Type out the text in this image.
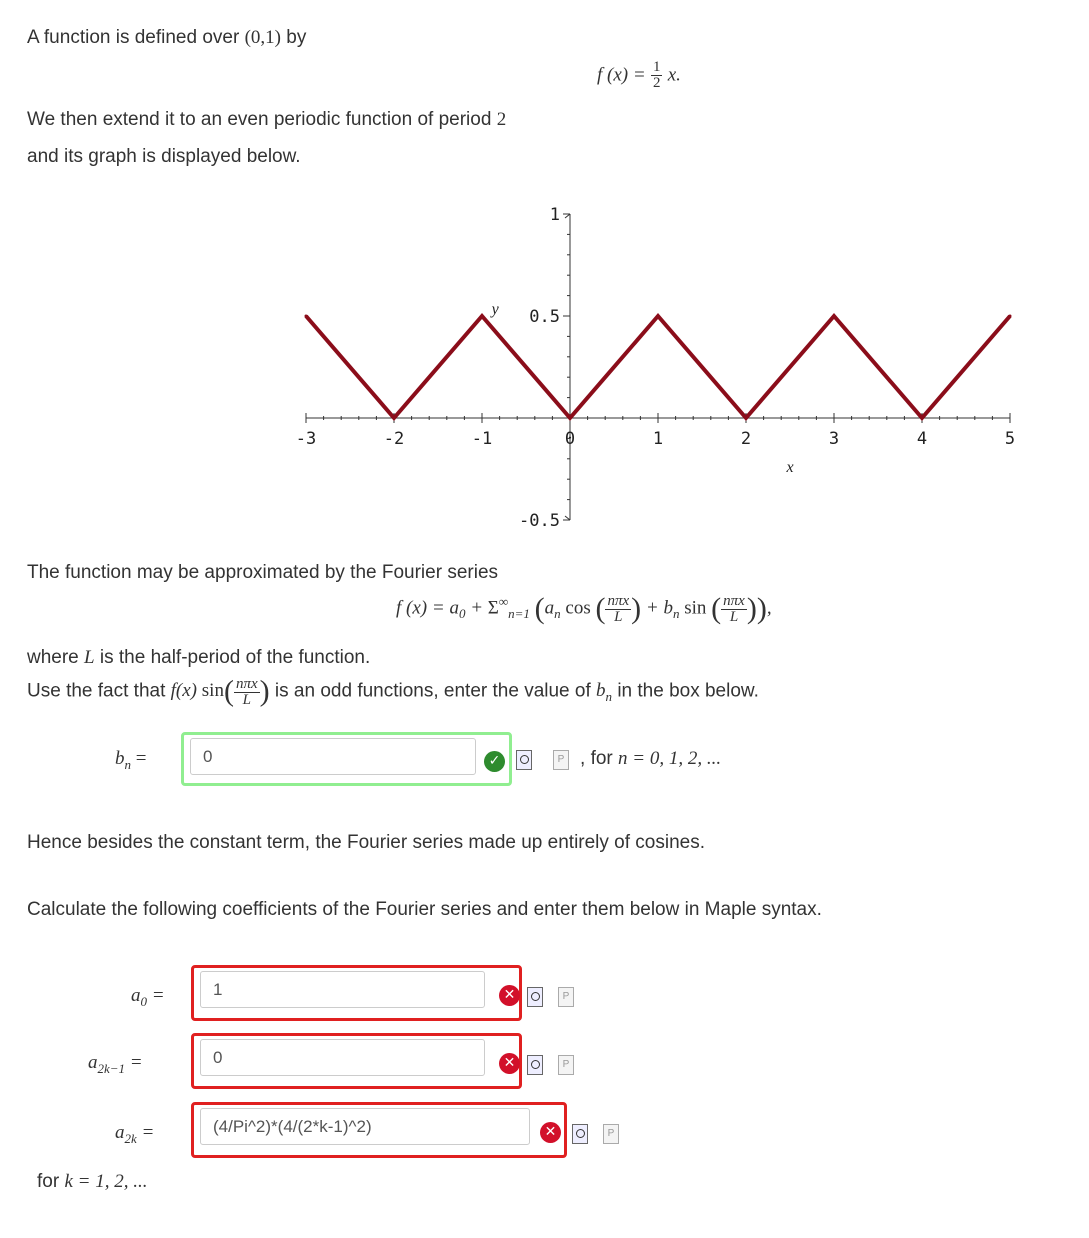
A function is defined over (0,1) by
f $(x) = \frac{1}{2} x$.
We then extend it to an even periodic function of period 2
and its graph is displayed below.
-3	-2	-1	0	1	2	3	4	5
1
0.5
-0.5
x
y
The function may be approximated by the Fourier series
f $(x) = a_0 + \Sigma^\infty_{n=1}$ ($a_n$ cos ( $\frac{\text{nπx}}{L}$ ) + $b_n$ sin ( $\frac{\text{nπx}}{L}$ )),
where L is the half-period of the function.
Use the fact that f(x) $\sin( \frac{\text{nπx}}{L}$ ) is an odd functions, enter the value of $b_n$ in the box below.
$b_n$ =	0	✓	P , for n = 0, 1, 2, ...
Hence besides the constant term, the Fourier series made up entirely of cosines.
Calculate the following coefficients of the Fourier series and enter them below in Maple syntax.
$a_0$ =	1	✕	P
$a_{2k-1}$ =	0	✕	P
$a_{2k}$ =	(4/Pi^2)*(4/(2*k-1)^2)	✕	P
for k = 1, 2, ...
